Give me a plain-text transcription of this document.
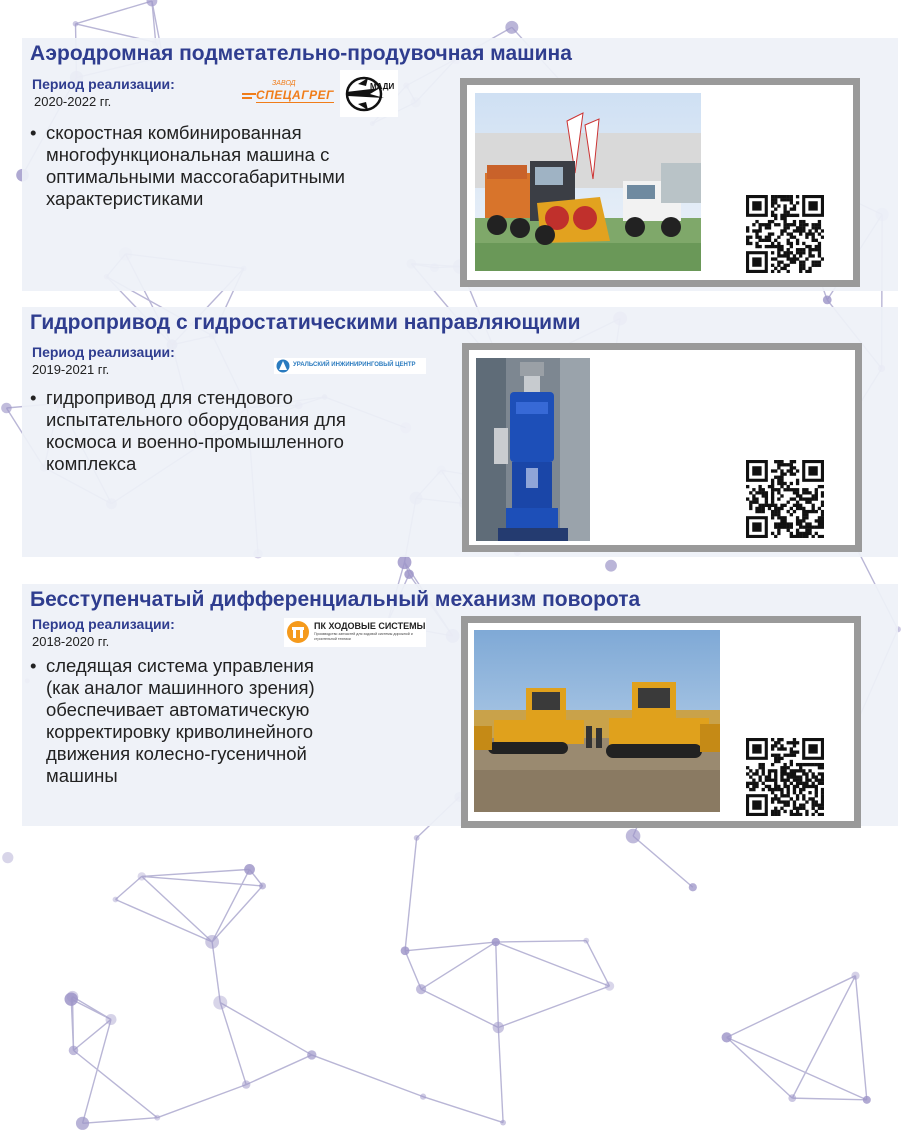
Аэродромная подметательно-продувочная машина
Период реализации:
2020-2022 гг.
ЗАВОД
СПЕЦАГРЕГ
МАДИ
• скоростная комбинированная
многофункциональная машина с
оптимальными массогабаритными
характеристиками
Гидропривод с гидростатическими направляющими
Период реализации:
2019-2021 гг.	УРАЛЬСКИЙ ИНЖИНИРИНГОВЫЙ ЦЕНТР
• гидропривод для стендового
испытательного оборудования для
космоса и военно-промышленного
комплекса
Бесступенчатый дифференциальный механизм поворота
Период реализации:
2018-2020 гг.
ПК ХОДОВЫЕ СИСТЕМЫ
Производство запчастей для ходовой системы дорожной и строительной техники
• следящая система управления
(как аналог машинного зрения)
обеспечивает автоматическую
корректировку криволинейного
движения колесно-гусеничной
машины
